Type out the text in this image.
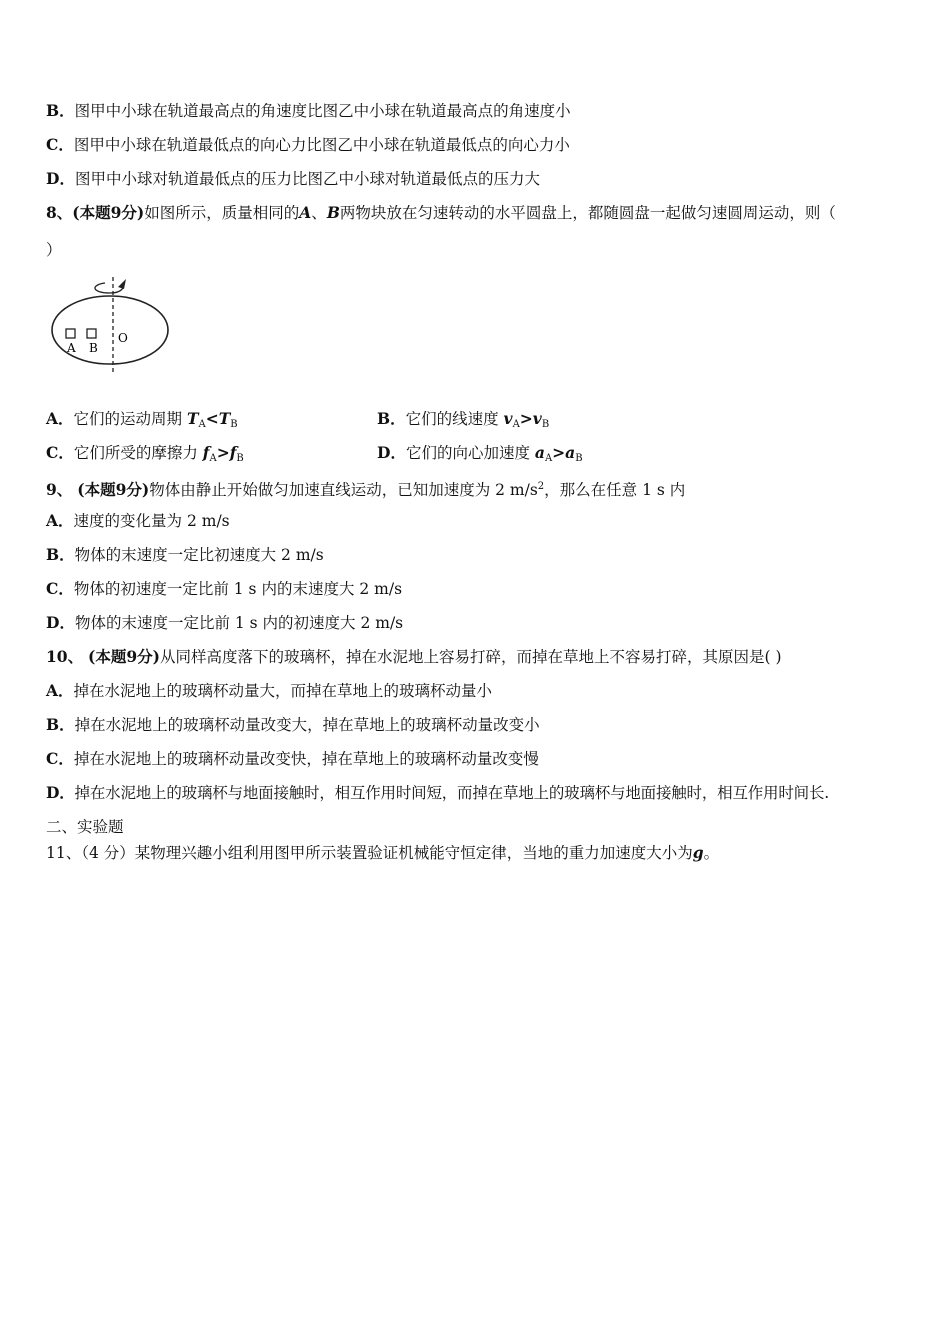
B．图甲中小球在轨道最高点的角速度比图乙中小球在轨道最高点的角速度小
C．图甲中小球在轨道最低点的向心力比图乙中小球在轨道最低点的向心力小
D．图甲中小球对轨道最低点的压力比图乙中小球对轨道最低点的压力大
8、(本题9分)如图所示，质量相同的A、B两物块放在匀速转动的水平圆盘上，都随圆盘一起做匀速圆周运动，则（
）
A B
O
A．它们的运动周期 $T_A<T_B$	B．它们的线速度 $v_A>v_B$
C．它们所受的摩擦力 $f_A>f_B$	D．它们的向心加速度 $a_A>a_B$
9、 (本题9分)物体由静止开始做匀加速直线运动，已知加速度为 2 $m/s^2$，那么在任意 1 s 内
A．速度的变化量为 2 m/s
B．物体的末速度一定比初速度大 2 m/s
C．物体的初速度一定比前 1 s 内的末速度大 2 m/s
D．物体的末速度一定比前 1 s 内的初速度大 2 m/s
10、 (本题9分)从同样高度落下的玻璃杯，掉在水泥地上容易打碎，而掉在草地上不容易打碎，其原因是( )
A．掉在水泥地上的玻璃杯动量大，而掉在草地上的玻璃杯动量小
B．掉在水泥地上的玻璃杯动量改变大，掉在草地上的玻璃杯动量改变小
C．掉在水泥地上的玻璃杯动量改变快，掉在草地上的玻璃杯动量改变慢
D．掉在水泥地上的玻璃杯与地面接触时，相互作用时间短，而掉在草地上的玻璃杯与地面接触时，相互作用时间长.
二、实验题
11、（4 分）某物理兴趣小组利用图甲所示装置验证机械能守恒定律，当地的重力加速度大小为g。
